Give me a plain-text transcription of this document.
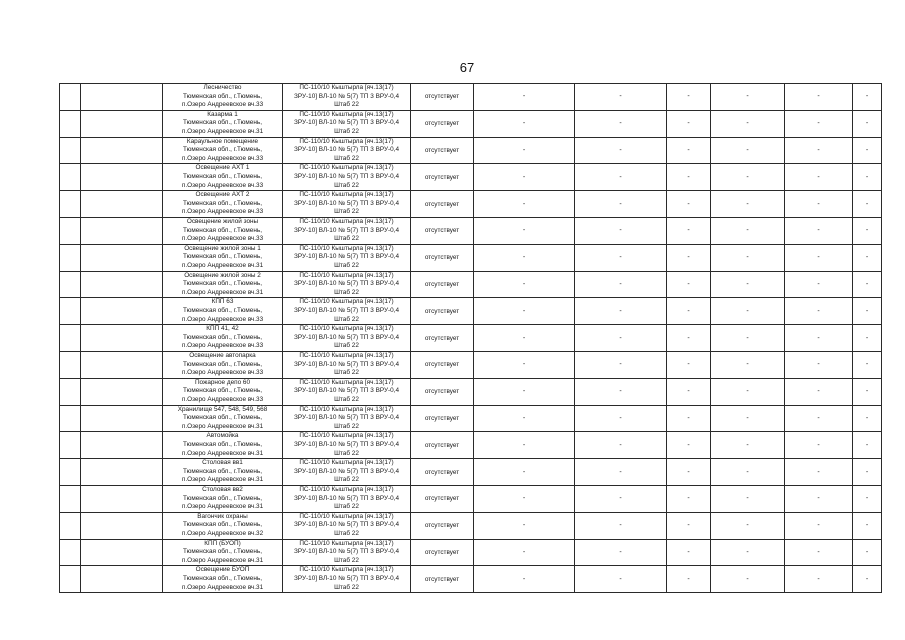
67

		Лесничество
Тюменская обл., г.Тюмень,
п.Озеро Андреевское вч.33	ПС-110/10 Кыштырла [яч.13(17)
ЗРУ-10] ВЛ-10 № 5(7) ТП 3 ВРУ-0,4
Штаб 22	отсутствует	-	-	-	-	-	-

		Казарма 1
Тюменская обл., г.Тюмень,
п.Озеро Андреевское вч.31	ПС-110/10 Кыштырла [яч.13(17)
ЗРУ-10] ВЛ-10 № 5(7) ТП 3 ВРУ-0,4
Штаб 22	отсутствует	-	-	-	-	-	-

		Караульное помещение
Тюменская обл., г.Тюмень,
п.Озеро Андреевское вч.33	ПС-110/10 Кыштырла [яч.13(17)
ЗРУ-10] ВЛ-10 № 5(7) ТП 3 ВРУ-0,4
Штаб 22	отсутствует	-	-	-	-	-	-

		Освещение АХТ 1
Тюменская обл., г.Тюмень,
п.Озеро Андреевское вч.33	ПС-110/10 Кыштырла [яч.13(17)
ЗРУ-10] ВЛ-10 № 5(7) ТП 3 ВРУ-0,4
Штаб 22	отсутствует	-	-	-	-	-	-

		Освещение АХТ 2
Тюменская обл., г.Тюмень,
п.Озеро Андреевское вч.33	ПС-110/10 Кыштырла [яч.13(17)
ЗРУ-10] ВЛ-10 № 5(7) ТП 3 ВРУ-0,4
Штаб 22	отсутствует	-	-	-	-	-	-

		Освещение жилой зоны
Тюменская обл., г.Тюмень,
п.Озеро Андреевское вч.33	ПС-110/10 Кыштырла [яч.13(17)
ЗРУ-10] ВЛ-10 № 5(7) ТП 3 ВРУ-0,4
Штаб 22	отсутствует	-	-	-	-	-	-

		Освещение жилой зоны 1
Тюменская обл., г.Тюмень,
п.Озеро Андреевское вч.31	ПС-110/10 Кыштырла [яч.13(17)
ЗРУ-10] ВЛ-10 № 5(7) ТП 3 ВРУ-0,4
Штаб 22	отсутствует	-	-	-	-	-	-

		Освещение жилой зоны 2
Тюменская обл., г.Тюмень,
п.Озеро Андреевское вч.31	ПС-110/10 Кыштырла [яч.13(17)
ЗРУ-10] ВЛ-10 № 5(7) ТП 3 ВРУ-0,4
Штаб 22	отсутствует	-	-	-	-	-	-

		КПП 63
Тюменская обл., г.Тюмень,
п.Озеро Андреевское вч.33	ПС-110/10 Кыштырла [яч.13(17)
ЗРУ-10] ВЛ-10 № 5(7) ТП 3 ВРУ-0,4
Штаб 22	отсутствует	-	-	-	-	-	-

		КПП 41, 42
Тюменская обл., г.Тюмень,
п.Озеро Андреевское вч.33	ПС-110/10 Кыштырла [яч.13(17)
ЗРУ-10] ВЛ-10 № 5(7) ТП 3 ВРУ-0,4
Штаб 22	отсутствует	-	-	-	-	-	-

		Освещение автопарка
Тюменская обл., г.Тюмень,
п.Озеро Андреевское вч.33	ПС-110/10 Кыштырла [яч.13(17)
ЗРУ-10] ВЛ-10 № 5(7) ТП 3 ВРУ-0,4
Штаб 22	отсутствует	-	-	-	-	-	-

		Пожарное депо 60
Тюменская обл., г.Тюмень,
п.Озеро Андреевское вч.33	ПС-110/10 Кыштырла [яч.13(17)
ЗРУ-10] ВЛ-10 № 5(7) ТП 3 ВРУ-0,4
Штаб 22	отсутствует	-	-	-	-	-	-

		Хранилище 547, 548, 549, 568
Тюменская обл., г.Тюмень,
п.Озеро Андреевское вч.31	ПС-110/10 Кыштырла [яч.13(17)
ЗРУ-10] ВЛ-10 № 5(7) ТП 3 ВРУ-0,4
Штаб 22	отсутствует	-	-	-	-	-	-

		Автомойка
Тюменская обл., г.Тюмень,
п.Озеро Андреевское вч.31	ПС-110/10 Кыштырла [яч.13(17)
ЗРУ-10] ВЛ-10 № 5(7) ТП 3 ВРУ-0,4
Штаб 22	отсутствует	-	-	-	-	-	-

		Столовая вв1
Тюменская обл., г.Тюмень,
п.Озеро Андреевское вч.31	ПС-110/10 Кыштырла [яч.13(17)
ЗРУ-10] ВЛ-10 № 5(7) ТП 3 ВРУ-0,4
Штаб 22	отсутствует	-	-	-	-	-	-

		Столовая вв2
Тюменская обл., г.Тюмень,
п.Озеро Андреевское вч.31	ПС-110/10 Кыштырла [яч.13(17)
ЗРУ-10] ВЛ-10 № 5(7) ТП 3 ВРУ-0,4
Штаб 22	отсутствует	-	-	-	-	-	-

		Вагончик охраны
Тюменская обл., г.Тюмень,
п.Озеро Андреевское вч.32	ПС-110/10 Кыштырла [яч.13(17)
ЗРУ-10] ВЛ-10 № 5(7) ТП 3 ВРУ-0,4
Штаб 22	отсутствует	-	-	-	-	-	-

		КПП (БУОП)
Тюменская обл., г.Тюмень,
п.Озеро Андреевское вч.31	ПС-110/10 Кыштырла [яч.13(17)
ЗРУ-10] ВЛ-10 № 5(7) ТП 3 ВРУ-0,4
Штаб 22	отсутствует	-	-	-	-	-	-

		Освещение БУОП
Тюменская обл., г.Тюмень,
п.Озеро Андреевское вч.31	ПС-110/10 Кыштырла [яч.13(17)
ЗРУ-10] ВЛ-10 № 5(7) ТП 3 ВРУ-0,4
Штаб 22	отсутствует	-	-	-	-	-	-
